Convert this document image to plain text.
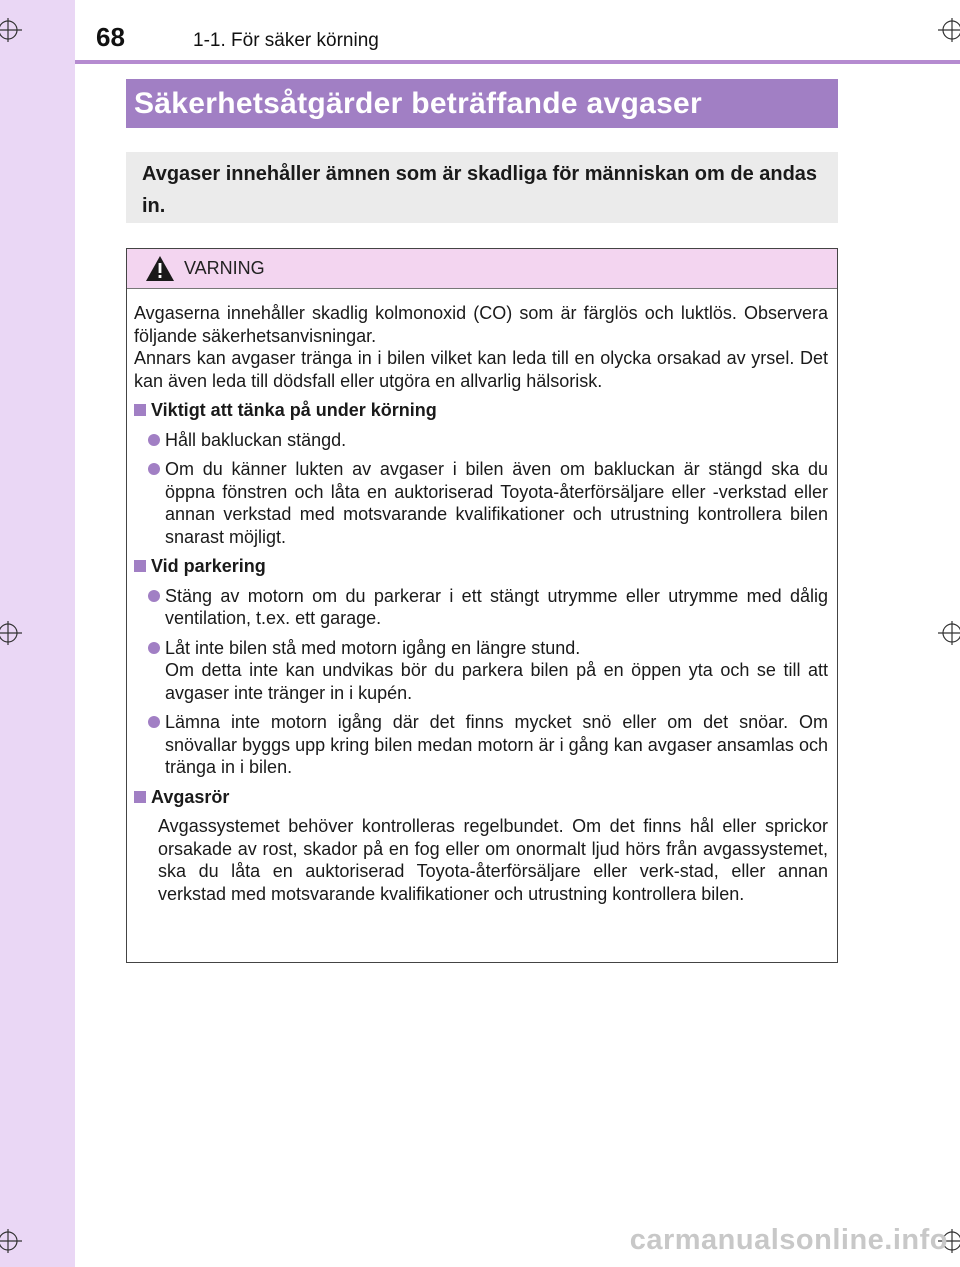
68	1-1. För säker körning
Säkerhetsåtgärder beträffande avgaser

Avgaser innehåller ämnen som är skadliga för människan om de andas in.

VARNING

Avgaserna innehåller skadlig kolmonoxid (CO) som är färglös och luktlös. Observera följande säkerhetsanvisningar.

Annars kan avgaser tränga in i bilen vilket kan leda till en olycka orsakad av yrsel. Det kan även leda till dödsfall eller utgöra en allvarlig hälsorisk.

Viktigt att tänka på under körning
Håll bakluckan stängd.
Om du känner lukten av avgaser i bilen även om bakluckan är stängd ska du öppna fönstren och låta en auktoriserad Toyota-återförsäljare eller -verkstad eller annan verkstad med motsvarande kvalifikationer och utrustning kontrollera bilen snarast möjligt.
Vid parkering
Stäng av motorn om du parkerar i ett stängt utrymme eller utrymme med dålig ventilation, t.ex. ett garage.
Låt inte bilen stå med motorn igång en längre stund.
Om detta inte kan undvikas bör du parkera bilen på en öppen yta och se till att avgaser inte tränger in i kupén.
Lämna inte motorn igång där det finns mycket snö eller om det snöar. Om snövallar byggs upp kring bilen medan motorn är i gång kan avgaser ansamlas och tränga in i bilen.
Avgasrör
Avgassystemet behöver kontrolleras regelbundet. Om det finns hål eller sprickor orsakade av rost, skador på en fog eller om onormalt ljud hörs från avgassystemet, ska du låta en auktoriserad Toyota-återförsäljare eller verk-stad, eller annan verkstad med motsvarande kvalifikationer och utrustning kontrollera bilen.
carmanualsonline.info
